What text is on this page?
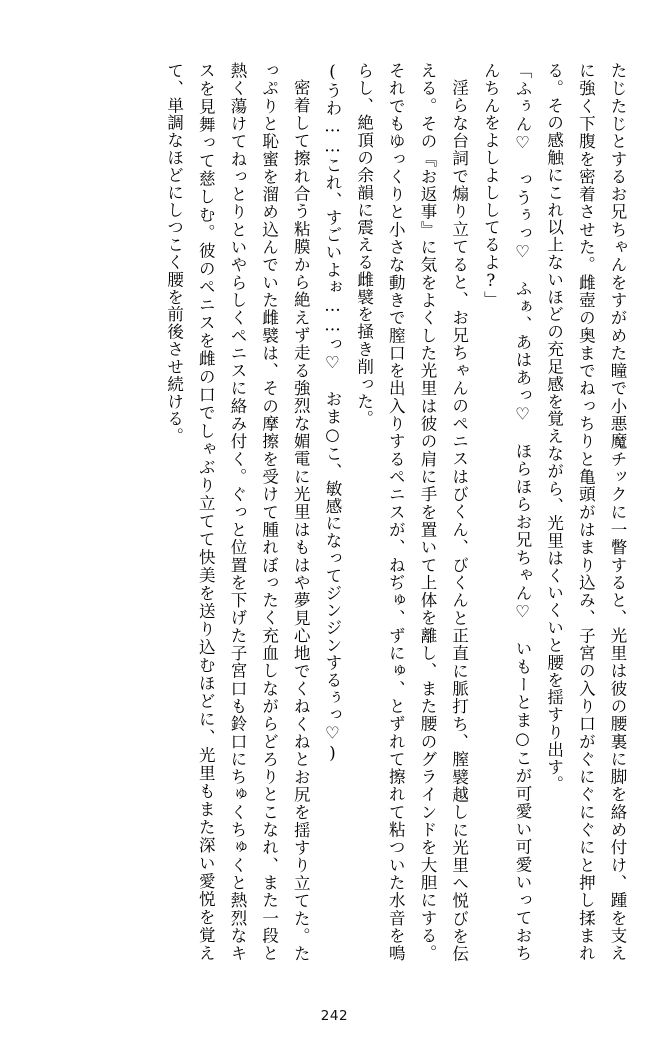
たじたじとするお兄ちゃんをすがめた瞳で小悪魔チックに一瞥すると、光里は彼の腰裏に脚を絡め付け、踵を支えに強く下腹を密着させた。雌壺の奥までねっちりと亀頭がはまり込み、子宮の入り口がぐにぐにぐにと押し揉まれる。その感触にこれ以上ないほどの充足感を覚えながら、光里はくいくいと腰を揺すり出す。

「ふぅん♡　っうぅっ♡　ふぁ、あはあっ♡　ほらほらお兄ちゃん♡　いもーとま○こが可愛い可愛いっておちんちんをよしよししてるよ?」

淫らな台詞で煽り立てると、お兄ちゃんのペニスはびくん、びくんと正直に脈打ち、膣襞越しに光里へ悦びを伝える。その『お返事』に気をよくした光里は彼の肩に手を置いて上体を離し、また腰のグラインドを大胆にする。それでもゆっくりと小さな動きで膣口を出入りするペニスが、ねぢゅ、ずにゅ、とずれて擦れて粘ついた水音を鳴らし、絶頂の余韻に震える雌襞を掻き削った。

(うわ……これ、すごいよぉ……っ♡　おま○こ、敏感になってジンジンするぅっ♡)

密着して擦れ合う粘膜から絶えず走る強烈な媚電に光里はもはや夢見心地でくねくねとお尻を揺すり立てた。たっぷりと恥蜜を溜め込んでいた雌襞は、その摩擦を受けて腫れぼったく充血しながらどろりとこなれ、また一段と熱く蕩けてねっとりといやらしくペニスに絡み付く。ぐっと位置を下げた子宮口も鈴口にちゅくちゅくと熱烈なキスを見舞って慈しむ。彼のペニスを雌の口でしゃぶり立てて快美を送り込むほどに、光里もまた深い愛悦を覚えて、単調なほどにしつこく腰を前後させ続ける。

242
